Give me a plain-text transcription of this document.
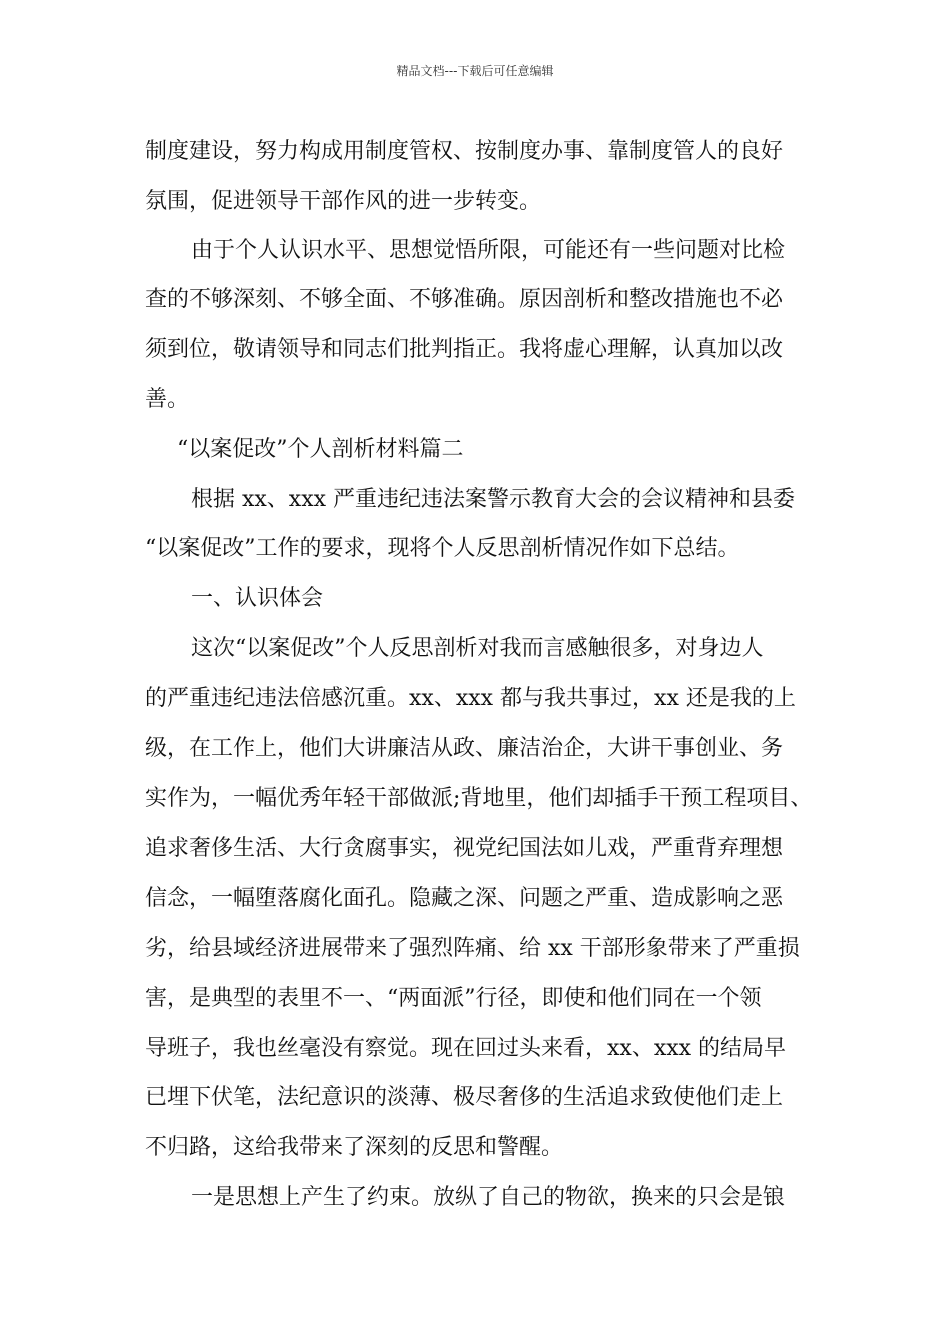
精品文档---下载后可任意编辑
制度建设，努力构成用制度管权、按制度办事、靠制度管人的良好
氛围，促进领导干部作风的进一步转变。
由于个人认识水平、思想觉悟所限，可能还有一些问题对比检
查的不够深刻、不够全面、不够准确。原因剖析和整改措施也不必
须到位，敬请领导和同志们批判指正。我将虚心理解，认真加以改
善。
“以案促改”个人剖析材料篇二
根据 xx、xxx 严重违纪违法案警示教育大会的会议精神和县委
“以案促改”工作的要求，现将个人反思剖析情况作如下总结。
一、认识体会
这次“以案促改”个人反思剖析对我而言感触很多，对身边人
的严重违纪违法倍感沉重。xx、xxx 都与我共事过，xx 还是我的上
级，在工作上，他们大讲廉洁从政、廉洁治企，大讲干事创业、务
实作为，一幅优秀年轻干部做派;背地里，他们却插手干预工程项目、
追求奢侈生活、大行贪腐事实，视党纪国法如儿戏，严重背弃理想
信念，一幅堕落腐化面孔。隐藏之深、问题之严重、造成影响之恶
劣，给县域经济进展带来了强烈阵痛、给 xx 干部形象带来了严重损
害，是典型的表里不一、“两面派”行径，即使和他们同在一个领
导班子，我也丝毫没有察觉。现在回过头来看，xx、xxx 的结局早
已埋下伏笔，法纪意识的淡薄、极尽奢侈的生活追求致使他们走上
不归路，这给我带来了深刻的反思和警醒。
一是思想上产生了约束。放纵了自己的物欲，换来的只会是锒
